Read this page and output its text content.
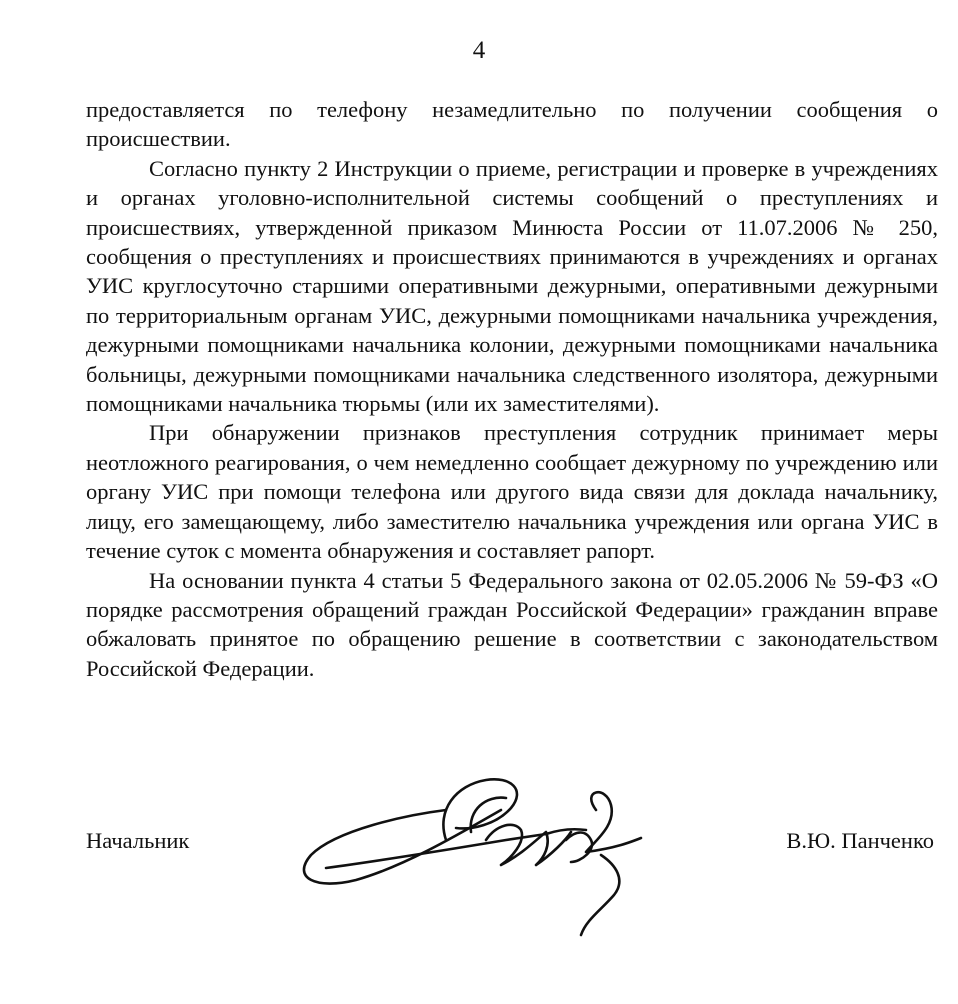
4

предоставляется по телефону незамедлительно по получении сообщения о происшествии.

Согласно пункту 2 Инструкции о приеме, регистрации и проверке в учреждениях и органах уголовно-исполнительной системы сообщений о преступлениях и происшествиях, утвержденной приказом Минюста России от 11.07.2006 № 250, сообщения о преступлениях и происшествиях принимаются в учреждениях и органах УИС круглосуточно старшими оперативными дежурными, оперативными дежурными по территориальным органам УИС, дежурными помощниками начальника учреждения, дежурными помощниками начальника колонии, дежурными помощниками начальника больницы, дежурными помощниками начальника следственного изолятора, дежурными помощниками начальника тюрьмы (или их заместителями).

При обнаружении признаков преступления сотрудник принимает меры неотложного реагирования, о чем немедленно сообщает дежурному по учреждению или органу УИС при помощи телефона или другого вида связи для доклада начальнику, лицу, его замещающему, либо заместителю начальника учреждения или органа УИС в течение суток с момента обнаружения и составляет рапорт.

На основании пункта 4 статьи 5 Федерального закона от 02.05.2006 № 59-ФЗ «О порядке рассмотрения обращений граждан Российской Федерации» гражданин вправе обжаловать принятое по обращению решение в соответствии с законодательством Российской Федерации.

Начальник	В.Ю. Панченко
